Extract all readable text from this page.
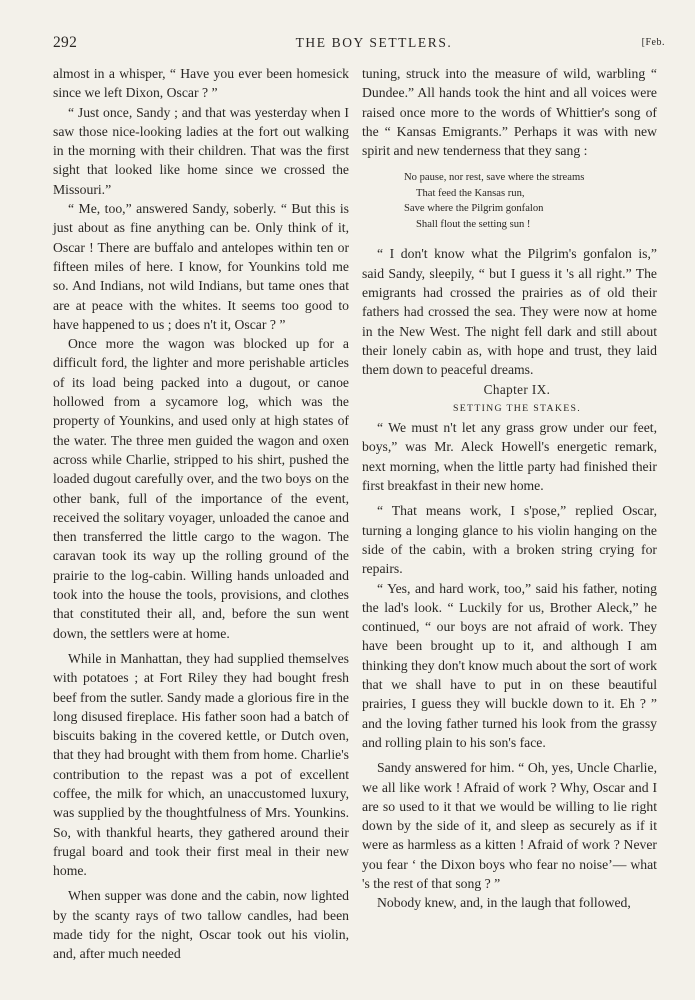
292	THE BOY SETTLERS.	[Feb.

almost in a whisper, “ Have you ever been homesick since we left Dixon, Oscar ? ”

“ Just once, Sandy ; and that was yesterday when I saw those nice-looking ladies at the fort out walking in the morning with their children. That was the first sight that looked like home since we crossed the Missouri.”

“ Me, too,” answered Sandy, soberly. “ But this is just about as fine anything can be. Only think of it, Oscar ! There are buffalo and antelopes within ten or fifteen miles of here. I know, for Younkins told me so. And Indians, not wild Indians, but tame ones that are at peace with the whites. It seems too good to have happened to us ; does n't it, Oscar ? ”

Once more the wagon was blocked up for a difficult ford, the lighter and more perishable articles of its load being packed into a dugout, or canoe hollowed from a sycamore log, which was the property of Younkins, and used only at high states of the water. The three men guided the wagon and oxen across while Charlie, stripped to his shirt, pushed the loaded dugout carefully over, and the two boys on the other bank, full of the importance of the event, received the solitary voyager, unloaded the canoe and then transferred the little cargo to the wagon. The caravan took its way up the rolling ground of the prairie to the log-cabin. Willing hands unloaded and took into the house the tools, provisions, and clothes that constituted their all, and, before the sun went down, the settlers were at home.

While in Manhattan, they had supplied themselves with potatoes ; at Fort Riley they had bought fresh beef from the sutler. Sandy made a glorious fire in the long disused fireplace. His father soon had a batch of biscuits baking in the covered kettle, or Dutch oven, that they had brought with them from home. Charlie's contribution to the repast was a pot of excellent coffee, the milk for which, an unaccustomed luxury, was supplied by the thoughtfulness of Mrs. Younkins. So, with thankful hearts, they gathered around their frugal board and took their first meal in their new home.

When supper was done and the cabin, now lighted by the scanty rays of two tallow candles, had been made tidy for the night, Oscar took out his violin, and, after much needed

tuning, struck into the measure of wild, warbling “ Dundee.” All hands took the hint and all voices were raised once more to the words of Whittier's song of the “ Kansas Emigrants.” Perhaps it was with new spirit and new tenderness that they sang :

No pause, nor rest, save where the streams
That feed the Kansas run,
Save where the Pilgrim gonfalon
Shall flout the setting sun !

“ I don't know what the Pilgrim's gonfalon is,” said Sandy, sleepily, “ but I guess it 's all right.” The emigrants had crossed the prairies as of old their fathers had crossed the sea. They were now at home in the New West. The night fell dark and still about their lonely cabin as, with hope and trust, they laid them down to peaceful dreams.

Chapter IX.

SETTING THE STAKES.

“ We must n't let any grass grow under our feet, boys,” was Mr. Aleck Howell's energetic remark, next morning, when the little party had finished their first breakfast in their new home.

“ That means work, I s'pose,” replied Oscar, turning a longing glance to his violin hanging on the side of the cabin, with a broken string crying for repairs.

“ Yes, and hard work, too,” said his father, noting the lad's look. “ Luckily for us, Brother Aleck,” he continued, “ our boys are not afraid of work. They have been brought up to it, and although I am thinking they don't know much about the sort of work that we shall have to put in on these beautiful prairies, I guess they will buckle down to it. Eh ? ” and the loving father turned his look from the grassy and rolling plain to his son's face.

Sandy answered for him. “ Oh, yes, Uncle Charlie, we all like work ! Afraid of work ? Why, Oscar and I are so used to it that we would be willing to lie right down by the side of it, and sleep as securely as if it were as harmless as a kitten ! Afraid of work ? Never you fear ‘ the Dixon boys who fear no noise’— what 's the rest of that song ? ”

Nobody knew, and, in the laugh that followed,
